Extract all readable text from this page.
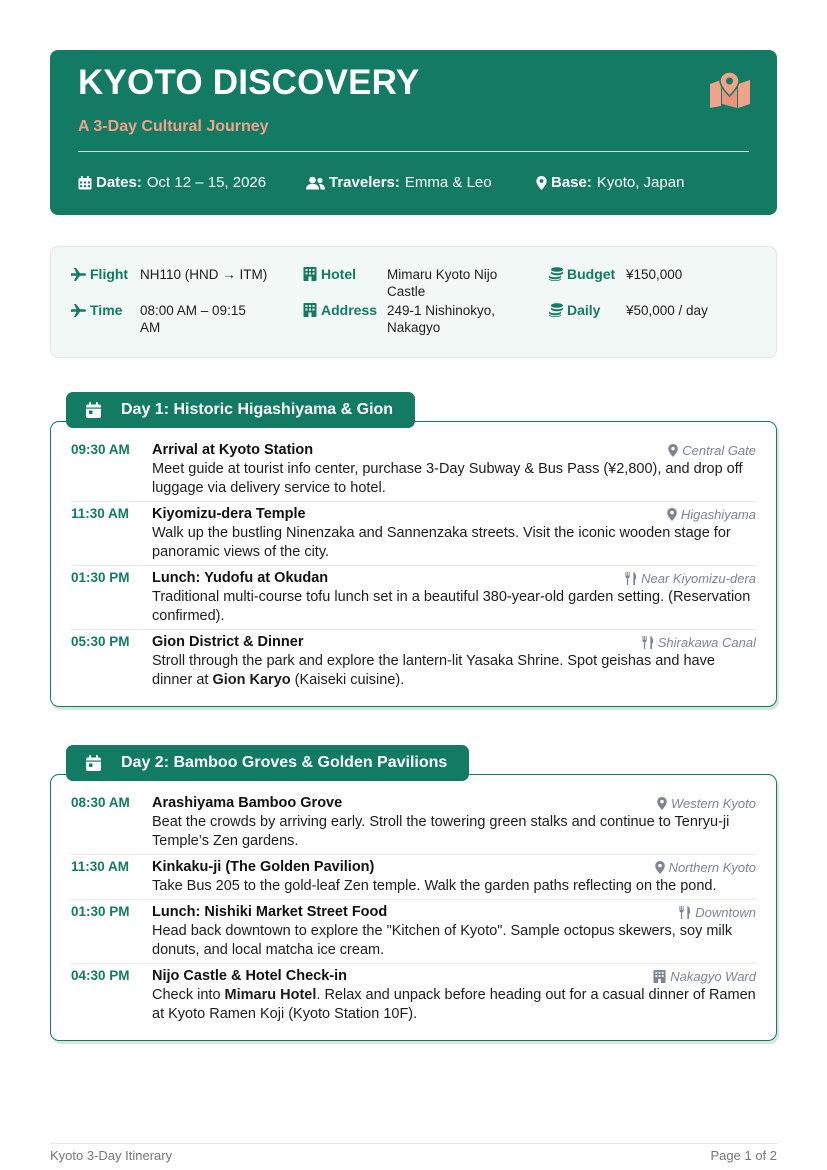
KYOTO DISCOVERY
A 3-Day Cultural Journey
Dates: Oct 12 – 15, 2026	Travelers: Emma & Leo	Base: Kyoto, Japan
Flight NH110 (HND → ITM)
Time 08:00 AM – 09:15 AM
Hotel Mimaru Kyoto Nijo Castle
Address 249-1 Nishinokyo, Nakagyo
Budget ¥150,000
Daily ¥50,000 / day
09:30 AM Arrival at Kyoto Station	Central Gate
Meet guide at tourist info center, purchase 3-Day Subway & Bus Pass (¥2,800), and drop off luggage via delivery service to hotel.
11:30 AM Kiyomizu-dera Temple	Higashiyama
Walk up the bustling Ninenzaka and Sannenzaka streets. Visit the iconic wooden stage for panoramic views of the city.
01:30 PM Lunch: Yudofu at Okudan	Near Kiyomizu-dera
Traditional multi-course tofu lunch set in a beautiful 380-year-old garden setting. (Reservation confirmed).
05:30 PM Gion District & Dinner	Shirakawa Canal
Stroll through the park and explore the lantern-lit Yasaka Shrine. Spot geishas and have dinner at Gion Karyo (Kaiseki cuisine).
Day 1: Historic Higashiyama & Gion
08:30 AM Arashiyama Bamboo Grove	Western Kyoto
Beat the crowds by arriving early. Stroll the towering green stalks and continue to Tenryu-ji Temple’s Zen gardens.
11:30 AM Kinkaku-ji (The Golden Pavilion)	Northern Kyoto
Take Bus 205 to the gold-leaf Zen temple. Walk the garden paths reflecting on the pond.
01:30 PM Lunch: Nishiki Market Street Food	Downtown
Head back downtown to explore the "Kitchen of Kyoto". Sample octopus skewers, soy milk donuts, and local matcha ice cream.
04:30 PM Nijo Castle & Hotel Check-in	Nakagyo Ward
Check into Mimaru Hotel. Relax and unpack before heading out for a casual dinner of Ramen at Kyoto Ramen Koji (Kyoto Station 10F).
Day 2: Bamboo Groves & Golden Pavilions
Kyoto 3-Day Itinerary	Page 1 of 2
